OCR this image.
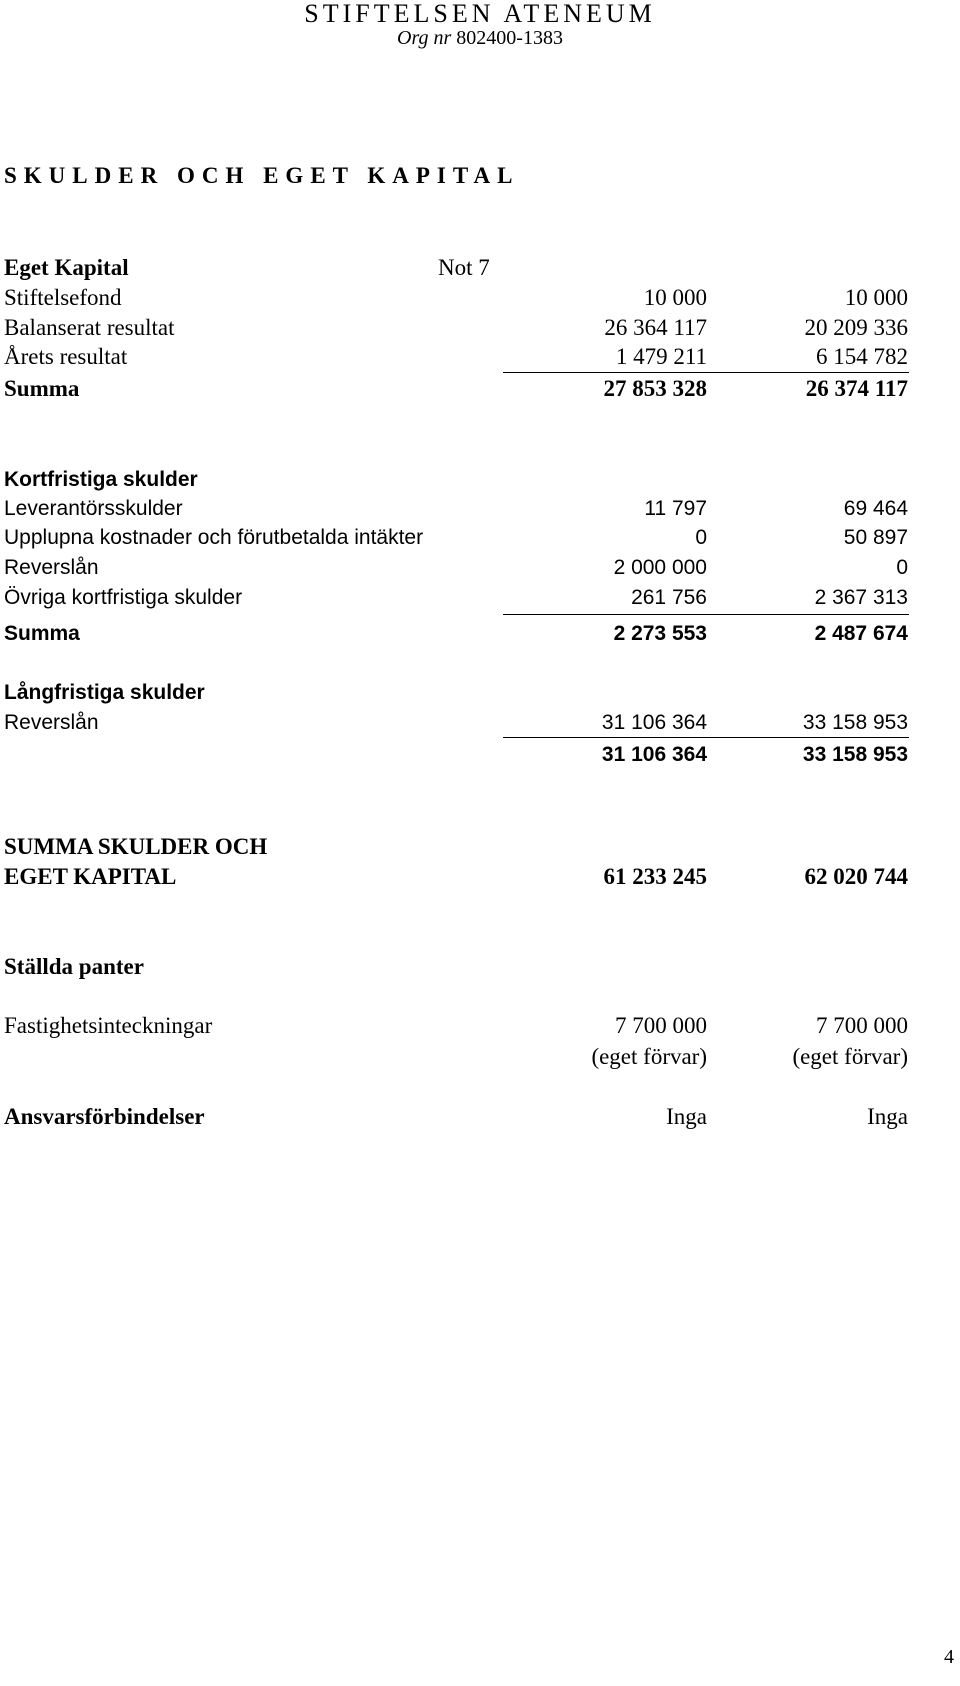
STIFTELSEN ATENEUM
Org nr 802400-1383
SKULDER OCH EGET KAPITAL
Eget Kapital	Not 7
Stiftelsefond	10 000	10 000
Balanserat resultat	26 364 117	20 209 336
Årets resultat	1 479 211	6 154 782
Summa	27 853 328	26 374 117
Kortfristiga skulder
Leverantörsskulder	11 797	69 464
Upplupna kostnader och förutbetalda intäkter	0	50 897
Reverslån	2 000 000	0
Övriga kortfristiga skulder	261 756	2 367 313
Summa	2 273 553	2 487 674
Långfristiga skulder
Reverslån	31 106 364	33 158 953
31 106 364	33 158 953
SUMMA SKULDER OCH
EGET KAPITAL	61 233 245	62 020 744
Ställda panter
Fastighetsinteckningar	7 700 000	7 700 000
(eget förvar)	(eget förvar)
Ansvarsförbindelser	Inga	Inga
4
